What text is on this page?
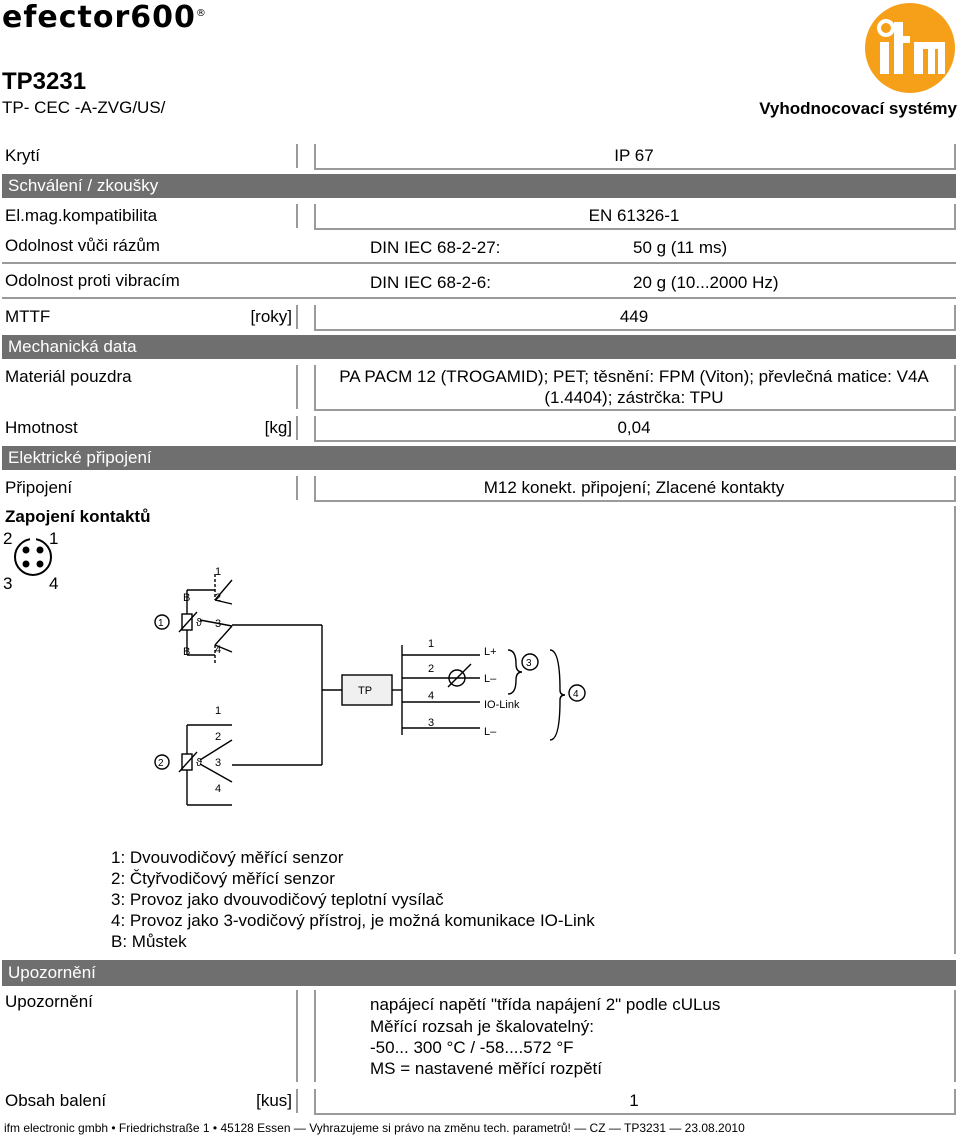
efector600®
TP3231
TP- CEC -A-ZVG/US/	Vyhodnocovací systémy
Krytí	IP 67
Schválení / zkoušky
El.mag.kompatibilita	EN 61326-1
Odolnost vůči rázům	DIN IEC 68-2-27:	50 g (11 ms)
Odolnost proti vibracím	DIN IEC 68-2-6:	20 g (10...2000 Hz)
MTTF	[roky]	449
Mechanická data
Materiál pouzdra	PA PACM 12 (TROGAMID); PET; těsnění: FPM (Viton); převlečná matice: V4A
(1.4404); zástrčka: TPU
Hmotnost	[kg]	0,04
Elektrické připojení
Připojení	M12 konekt. připojení; Zlacené kontakty
Zapojení kontaktů
2 1
3 4
B
B
1
2
ϑ
ϑ
1
2
3
4
1
2
3
4
TP
1
2
4
3
L+
L–
IO-Link
L–
3
4
1: Dvouvodičový měřící senzor
2: Čtyřvodičový měřící senzor
3: Provoz jako dvouvodičový teplotní vysílač
4: Provoz jako 3-vodičový přístroj, je možná komunikace IO-Link
B: Můstek
Upozornění
Upozornění	napájecí napětí "třída napájení 2" podle cULus
Měřící rozsah je škalovatelný:
-50... 300 °C / -58....572 °F
MS = nastavené měřící rozpětí
Obsah balení	[kus]	1
ifm electronic gmbh • Friedrichstraße 1 • 45128 Essen — Vyhrazujeme si právo na změnu tech. parametrů! — CZ — TP3231 — 23.08.2010
